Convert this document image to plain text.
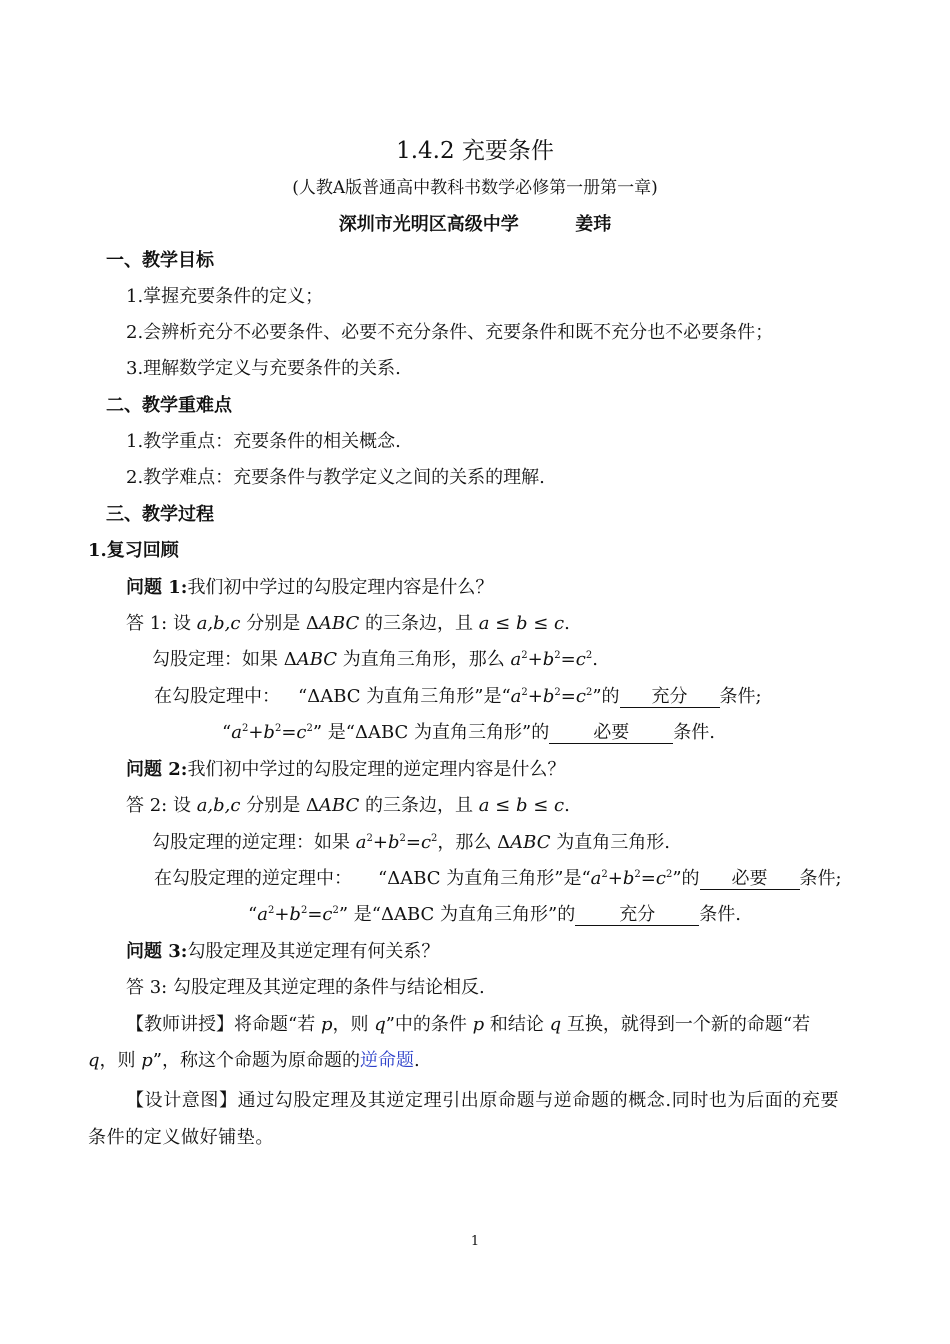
1.4.2 充要条件
(人教A版普通高中教科书数学必修第一册第一章)
深圳市光明区高级中学	姜玮
一、教学目标
1.掌握充要条件的定义；
2.会辨析充分不必要条件、必要不充分条件、充要条件和既不充分也不必要条件；
3.理解数学定义与充要条件的关系.
二、教学重难点
1.教学重点：充要条件的相关概念.
2.教学难点：充要条件与教学定义之间的关系的理解.
三、教学过程
1.复习回顾
问题 1:我们初中学过的勾股定理内容是什么？
答 1: 设 a,b,c 分别是 ΔABC 的三条边，且 a ≤ b ≤ c.
勾股定理：如果 ΔABC 为直角三角形，那么 $a^2+b^2=c^2$.
在勾股定理中： “ΔABC 为直角三角形”是“$a^2+b^2=c^2$”的 充分 条件;
“$a^2+b^2=c^2$” 是“ΔABC 为直角三角形”的 必要 条件.
问题 2:我们初中学过的勾股定理的逆定理内容是什么？
答 2: 设 a,b,c 分别是 ΔABC 的三条边，且 a ≤ b ≤ c.
勾股定理的逆定理：如果 $a^2+b^2=c^2$，那么 ΔABC 为直角三角形.
在勾股定理的逆定理中： “ΔABC 为直角三角形”是“$a^2+b^2=c^2$”的 必要 条件;
“$a^2+b^2=c^2$” 是“ΔABC 为直角三角形”的 充分 条件.
问题 3:勾股定理及其逆定理有何关系？
答 3: 勾股定理及其逆定理的条件与结论相反.
【教师讲授】将命题“若 p，则 q”中的条件 p 和结论 q 互换，就得到一个新的命题“若
q，则 p”，称这个命题为原命题的逆命题.
【设计意图】通过勾股定理及其逆定理引出原命题与逆命题的概念.同时也为后面的充要
条件的定义做好铺垫。
1
